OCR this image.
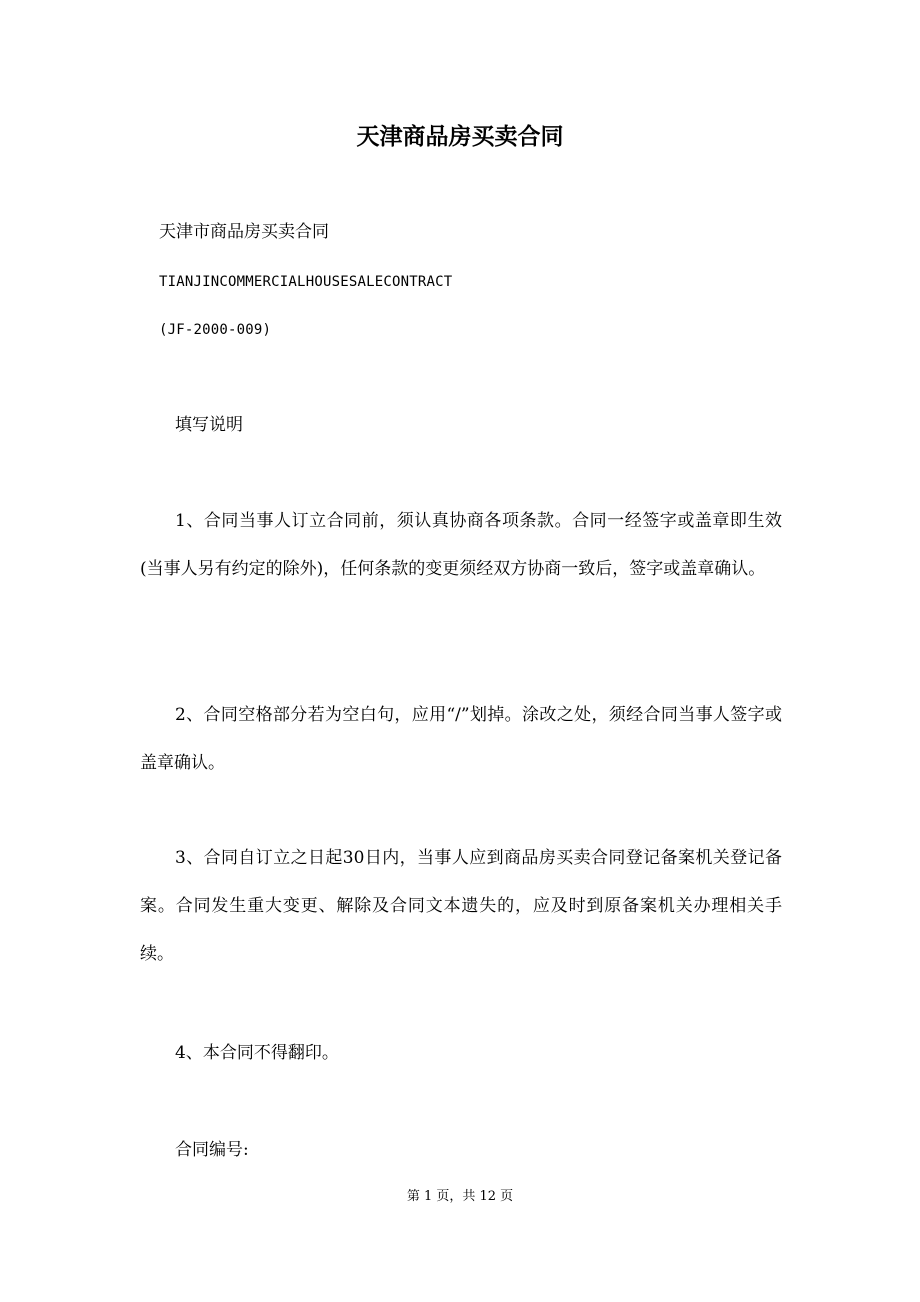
天津商品房买卖合同
天津市商品房买卖合同
TIANJINCOMMERCIALHOUSESALECONTRACT
(JF-2000-009)
填写说明

1、合同当事人订立合同前，须认真协商各项条款。合同一经签字或盖章即生效(当事人另有约定的除外)，任何条款的变更须经双方协商一致后，签字或盖章确认。

2、合同空格部分若为空白句，应用“/”划掉。涂改之处，须经合同当事人签字或盖章确认。

3、合同自订立之日起30日内，当事人应到商品房买卖合同登记备案机关登记备案。合同发生重大变更、解除及合同文本遗失的，应及时到原备案机关办理相关手续。

4、本合同不得翻印。
合同编号:
第 1 页，共 12 页
